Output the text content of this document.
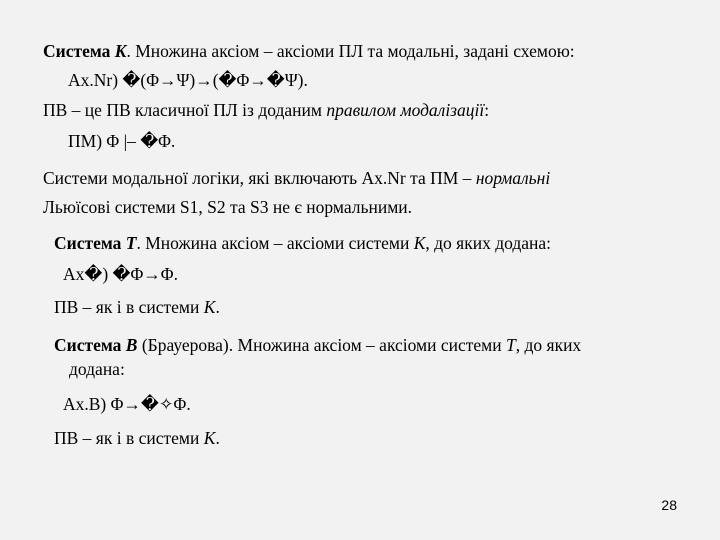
Система K. Множина аксіом – аксіоми ПЛ та модальні, задані схемою:
Ax.Nr) �(Φ→Ψ)→(�Φ→�Ψ).
ПВ – це ПВ класичної ПЛ із доданим правилом модалізації:
ПМ) Φ |– �Φ.
Системи модальної логіки, які включають Ax.Nr та ПМ – нормальні
Льюїсові системи S1, S2 та S3 не є нормальними.
Система T. Множина аксіом – аксіоми системи K, до яких додана:
Ax�) �Φ→Φ.
ПВ – як і в системи K.
Система B (Брауерова). Множина аксіом – аксіоми системи T, до яких
додана:
Ax.B) Φ→�✧Φ.
ПВ – як і в системи K.
28
